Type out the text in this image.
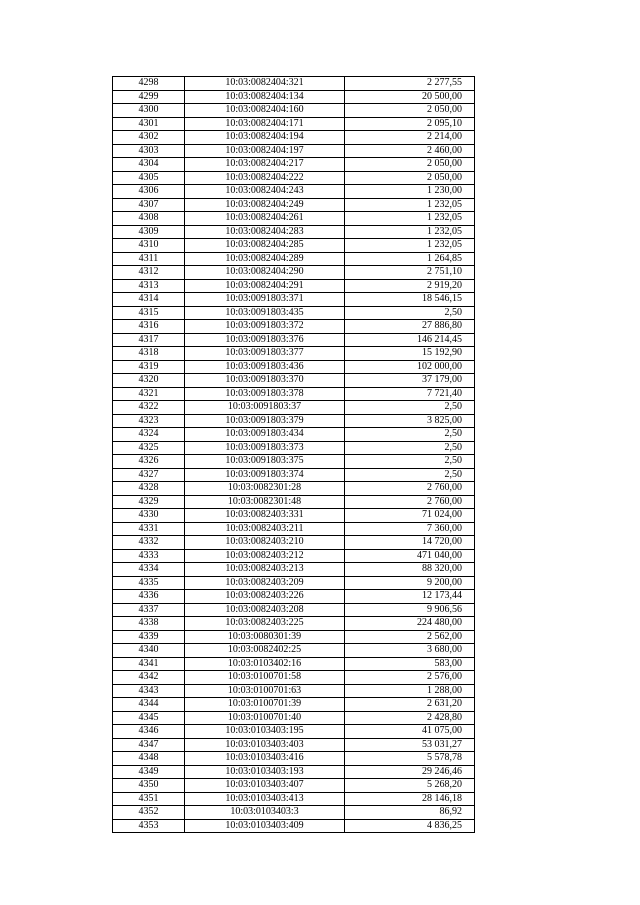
4298	10:03:0082404:321	2 277,55
4299	10:03:0082404:134	20 500,00
4300	10:03:0082404:160	2 050,00
4301	10:03:0082404:171	2 095,10
4302	10:03:0082404:194	2 214,00
4303	10:03:0082404:197	2 460,00
4304	10:03:0082404:217	2 050,00
4305	10:03:0082404:222	2 050,00
4306	10:03:0082404:243	1 230,00
4307	10:03:0082404:249	1 232,05
4308	10:03:0082404:261	1 232,05
4309	10:03:0082404:283	1 232,05
4310	10:03:0082404:285	1 232,05
4311	10:03:0082404:289	1 264,85
4312	10:03:0082404:290	2 751,10
4313	10:03:0082404:291	2 919,20
4314	10:03:0091803:371	18 546,15
4315	10:03:0091803:435	2,50
4316	10:03:0091803:372	27 886,80
4317	10:03:0091803:376	146 214,45
4318	10:03:0091803:377	15 192,90
4319	10:03:0091803:436	102 000,00
4320	10:03:0091803:370	37 179,00
4321	10:03:0091803:378	7 721,40
4322	10:03:0091803:37	2,50
4323	10:03:0091803:379	3 825,00
4324	10:03:0091803:434	2,50
4325	10:03:0091803:373	2,50
4326	10:03:0091803:375	2,50
4327	10:03:0091803:374	2,50
4328	10:03:0082301:28	2 760,00
4329	10:03:0082301:48	2 760,00
4330	10:03:0082403:331	71 024,00
4331	10:03:0082403:211	7 360,00
4332	10:03:0082403:210	14 720,00
4333	10:03:0082403:212	471 040,00
4334	10:03:0082403:213	88 320,00
4335	10:03:0082403:209	9 200,00
4336	10:03:0082403:226	12 173,44
4337	10:03:0082403:208	9 906,56
4338	10:03:0082403:225	224 480,00
4339	10:03:0080301:39	2 562,00
4340	10:03:0082402:25	3 680,00
4341	10:03:0103402:16	583,00
4342	10:03:0100701:58	2 576,00
4343	10:03:0100701:63	1 288,00
4344	10:03:0100701:39	2 631,20
4345	10:03:0100701:40	2 428,80
4346	10:03:0103403:195	41 075,00
4347	10:03:0103403:403	53 031,27
4348	10:03:0103403:416	5 578,78
4349	10:03:0103403:193	29 246,46
4350	10:03:0103403:407	5 268,20
4351	10:03:0103403:413	28 146,18
4352	10:03:0103403:3	86,92
4353	10:03:0103403:409	4 836,25
